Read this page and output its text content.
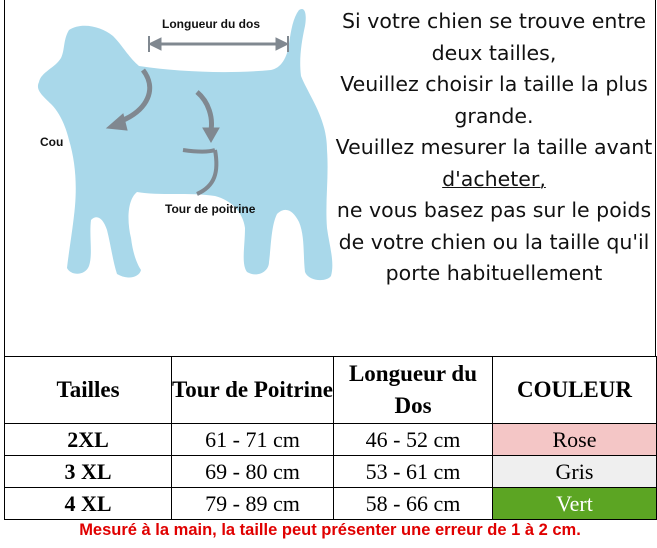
Longueur du dos
Cou
Tour de poitrine
Si votre chien se trouve entre
deux tailles,
Veuillez choisir la taille la plus
grande.
Veuillez mesurer la taille avant
d'acheter,
ne vous basez pas sur le poids
de votre chien ou la taille qu'il
porte habituellement
Tailles	Tour de Poitrine	Longueur du Dos	COULEUR
2XL	61 - 71 cm	46 - 52 cm	Rose
3 XL	69 - 80 cm	53 - 61 cm	Gris
4 XL	79 - 89 cm	58 - 66 cm	Vert
Mesuré à la main, la taille peut présenter une erreur de 1 à 2 cm.
